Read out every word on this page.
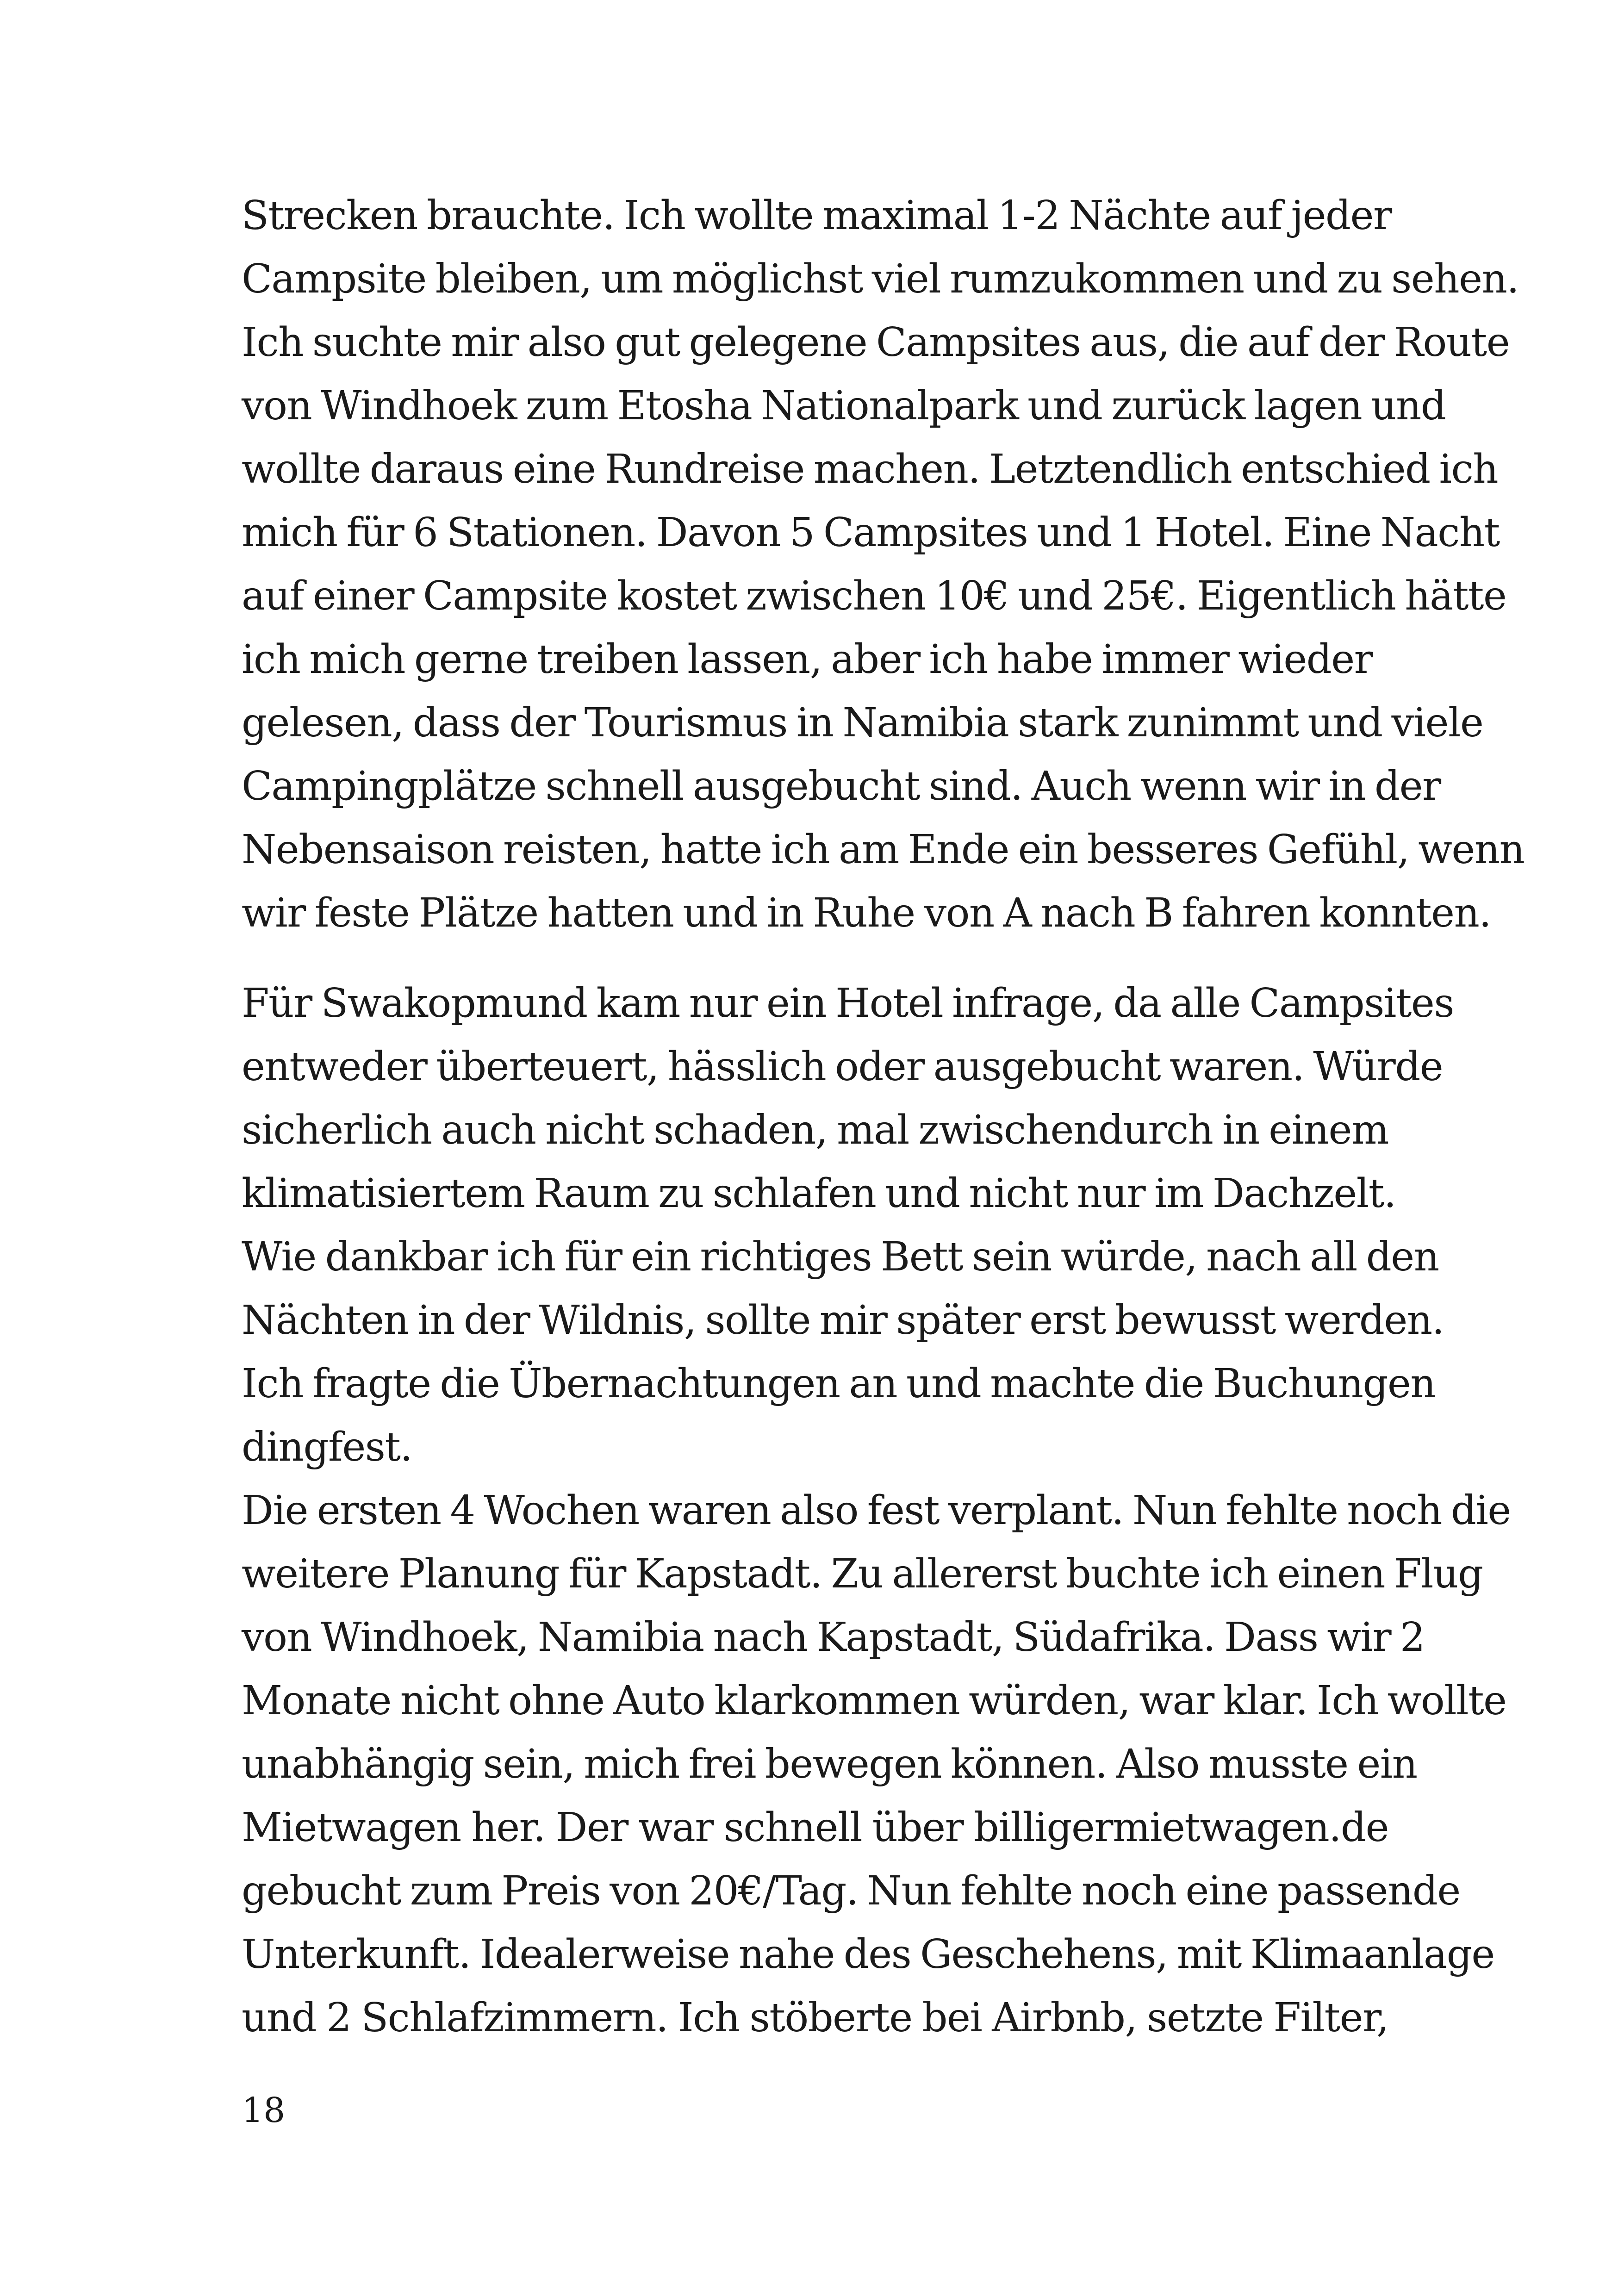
Strecken brauchte. Ich wollte maximal 1-2 Nächte auf jeder
Campsite bleiben, um möglichst viel rumzukommen und zu sehen.
Ich suchte mir also gut gelegene Campsites aus, die auf der Route
von Windhoek zum Etosha Nationalpark und zurück lagen und
wollte daraus eine Rundreise machen. Letztendlich entschied ich
mich für 6 Stationen. Davon 5 Campsites und 1 Hotel. Eine Nacht
auf einer Campsite kostet zwischen 10€ und 25€. Eigentlich hätte
ich mich gerne treiben lassen, aber ich habe immer wieder
gelesen, dass der Tourismus in Namibia stark zunimmt und viele
Campingplätze schnell ausgebucht sind. Auch wenn wir in der
Nebensaison reisten, hatte ich am Ende ein besseres Gefühl, wenn
wir feste Plätze hatten und in Ruhe von A nach B fahren konnten.

Für Swakopmund kam nur ein Hotel infrage, da alle Campsites
entweder überteuert, hässlich oder ausgebucht waren. Würde
sicherlich auch nicht schaden, mal zwischendurch in einem
klimatisiertem Raum zu schlafen und nicht nur im Dachzelt.
Wie dankbar ich für ein richtiges Bett sein würde, nach all den
Nächten in der Wildnis, sollte mir später erst bewusst werden.
Ich fragte die Übernachtungen an und machte die Buchungen
dingfest.

Die ersten 4 Wochen waren also fest verplant. Nun fehlte noch die
weitere Planung für Kapstadt. Zu allererst buchte ich einen Flug
von Windhoek, Namibia nach Kapstadt, Südafrika. Dass wir 2
Monate nicht ohne Auto klarkommen würden, war klar. Ich wollte
unabhängig sein, mich frei bewegen können. Also musste ein
Mietwagen her. Der war schnell über billigermietwagen.de
gebucht zum Preis von 20€/Tag. Nun fehlte noch eine passende
Unterkunft. Idealerweise nahe des Geschehens, mit Klimaanlage
und 2 Schlafzimmern. Ich stöberte bei Airbnb, setzte Filter,

18
